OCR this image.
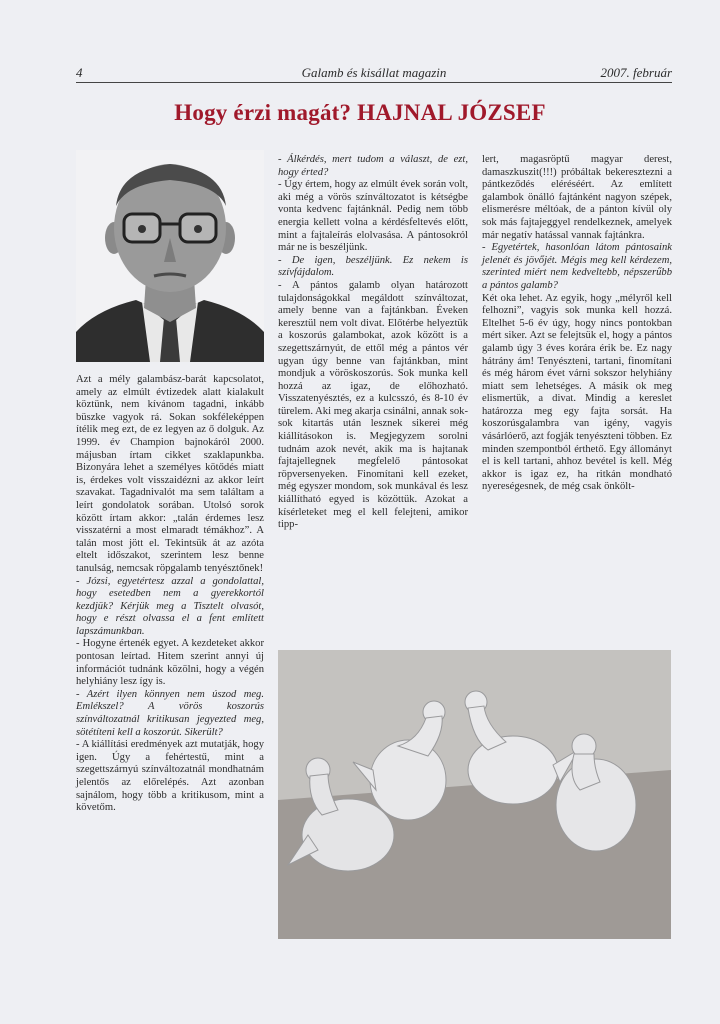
4	Galamb és kisállat magazin	2007. február
Hogy érzi magát? HAJNAL JÓZSEF

Azt a mély galambász-barát kapcsolatot, amely az elmúlt évtizedek alatt kialakult köztünk, nem kívánom tagadni, inkább büszke vagyok rá. Sokan sokféleképpen ítélik meg ezt, de ez legyen az ő dolguk. Az 1999. év Champion bajnokáról 2000. májusban írtam cikket szaklapunkba. Bizonyára lehet a személyes kötődés miatt is, érdekes volt visszaidézni az akkor leírt szavakat. Tagadnivalót ma sem találtam a leírt gondolatok sorában. Utolsó sorok között írtam akkor: „talán érdemes lesz visszatérni a most elmaradt témákhoz”. A talán most jött el. Tekintsük át az azóta eltelt időszakot, szerintem lesz benne tanulság, nemcsak röpgalamb tenyésztőnek!

- Józsi, egyetértesz azzal a gondolattal, hogy esetedben nem a gyerekkortól kezdjük? Kérjük meg a Tisztelt olvasót, hogy e részt olvassa el a fent említett lapszámunkban.

- Hogyne értenék egyet. A kezdeteket akkor pontosan leírtad. Hitem szerint annyi új információt tudnánk közölni, hogy a végén helyhiány lesz így is.

- Azért ilyen könnyen nem úszod meg. Emlékszel? A vörös koszorús színváltozatnál kritikusan jegyezted meg, sötétíteni kell a koszorút. Sikerült?

- A kiállítási eredmények azt mutatják, hogy igen. Úgy a fehértestű, mint a szegettszárnyú színváltozatnál mondhatnám jelentős az előrelépés. Azt azonban sajnálom, hogy több a kritikusom, mint a követőm.

- Álkérdés, mert tudom a választ, de ezt, hogy érted?

- Úgy értem, hogy az elmúlt évek során volt, aki még a vörös színváltozatot is kétségbe vonta kedvenc fajtánknál. Pedig nem több energia kellett volna a kérdésfeltevés előtt, mint a fajtaleírás elolvasása. A pántosokról már ne is beszéljünk.

- De igen, beszéljünk. Ez nekem is szívfájdalom.

- A pántos galamb olyan határozott tulajdonságokkal megáldott színváltozat, amely benne van a fajtánkban. Éveken keresztül nem volt divat. Előtérbe helyeztük a koszorús galambokat, azok között is a szegettszárnyút, de ettől még a pántos vér ugyan úgy benne van fajtánkban, mint mondjuk a vöröskoszorús. Sok munka kell hozzá az igaz, de előhozható. Visszatenyésztés, ez a kulcsszó, és 8-10 év türelem. Aki meg akarja csinálni, annak sok-sok kitartás után lesznek sikerei még kiállításokon is. Megjegyzem sorolni tudnám azok nevét, akik ma is hajtanak fajtajellegnek megfelelő pántosokat röpversenyeken. Finomítani kell ezeket, még egyszer mondom, sok munkával és lesz kiállítható egyed is közöttük. Azokat a kísérleteket meg el kell felejteni, amikor tipp-

lert, magasröptű magyar derest, damaszkuszit(!!!) próbáltak bekeresztezni a pántkeződés eléréséért. Az említett galambok önálló fajtánként nagyon szépek, elismerésre méltóak, de a pánton kívül oly sok más fajtajeggyel rendelkeznek, amelyek már negatív hatással vannak fajtánkra.

- Egyetértek, hasonlóan látom pántosaink jelenét és jövőjét. Mégis meg kell kérdezem, szerinted miért nem kedveltebb, népszerűbb a pántos galamb?

Két oka lehet. Az egyik, hogy „mélyről kell felhozni”, vagyis sok munka kell hozzá. Eltelhet 5-6 év úgy, hogy nincs pontokban mért siker. Azt se felejtsük el, hogy a pántos galamb úgy 3 éves korára érik be. Ez nagy hátrány ám! Tenyészteni, tartani, finomítani és még három évet várni sokszor helyhiány miatt sem lehetséges. A másik ok meg elismertük, a divat. Mindig a kereslet határozza meg egy fajta sorsát. Ha koszorúsgalambra van igény, vagyis vásárlóerő, azt fogják tenyészteni többen. Ez minden szempontból érthető. Egy állományt el is kell tartani, ahhoz bevétel is kell. Még akkor is igaz ez, ha ritkán mondható nyereségesnek, de még csak önkölt-
